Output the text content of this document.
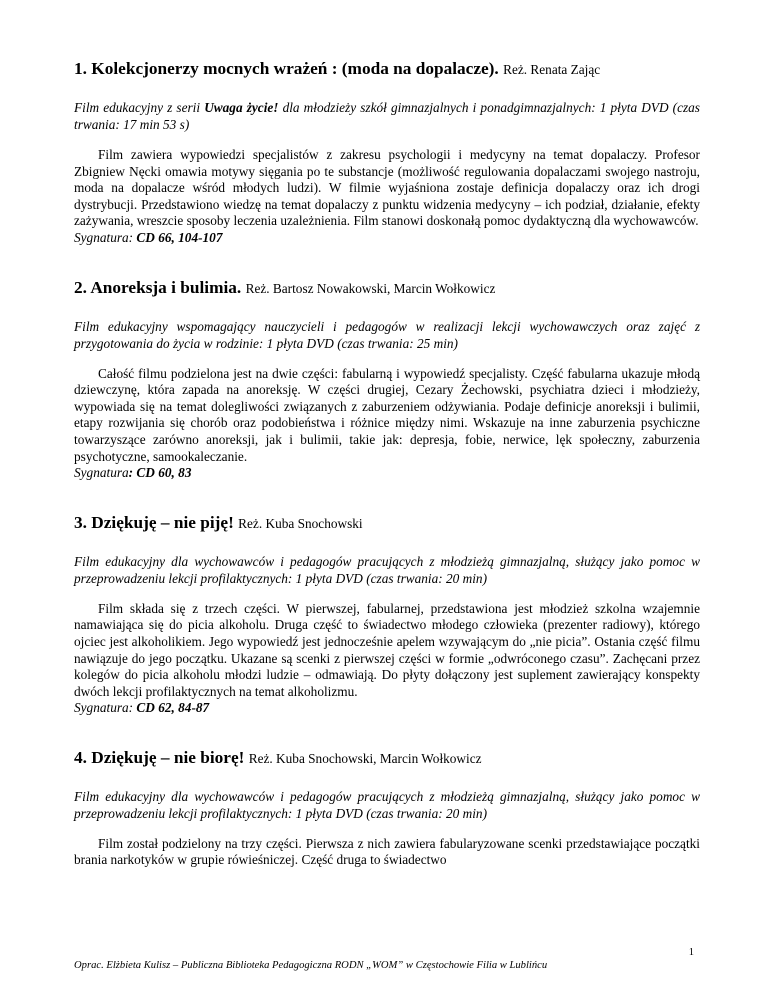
1. Kolekcjonerzy mocnych wrażeń : (moda na dopalacze). Reż. Renata Zając

Film edukacyjny z serii Uwaga życie! dla młodzieży szkół gimnazjalnych i ponadgimnazjalnych: 1 płyta DVD (czas trwania: 17 min 53 s)

Film zawiera wypowiedzi specjalistów z zakresu psychologii i medycyny na temat dopalaczy. Profesor Zbigniew Nęcki omawia motywy sięgania po te substancje (możliwość regulowania dopalaczami swojego nastroju, moda na dopalacze wśród młodych ludzi). W filmie wyjaśniona zostaje definicja dopalaczy oraz ich drogi dystrybucji. Przedstawiono wiedzę na temat dopalaczy z punktu widzenia medycyny – ich podział, działanie, efekty zażywania, wreszcie sposoby leczenia uzależnienia. Film stanowi doskonałą pomoc dydaktyczną dla wychowawców.

Sygnatura: CD 66, 104-107

2. Anoreksja i bulimia. Reż. Bartosz Nowakowski, Marcin Wołkowicz

Film edukacyjny wspomagający nauczycieli i pedagogów w realizacji lekcji wychowawczych oraz zajęć z przygotowania do życia w rodzinie: 1 płyta DVD (czas trwania: 25 min)

Całość filmu podzielona jest na dwie części: fabularną i wypowiedź specjalisty. Część fabularna ukazuje młodą dziewczynę, która zapada na anoreksję. W części drugiej, Cezary Żechowski, psychiatra dzieci i młodzieży, wypowiada się na temat dolegliwości związanych z zaburzeniem odżywiania. Podaje definicje anoreksji i bulimii, etapy rozwijania się chorób oraz podobieństwa i różnice między nimi. Wskazuje na inne zaburzenia psychiczne towarzyszące zarówno anoreksji, jak i bulimii, takie jak: depresja, fobie, nerwice, lęk społeczny, zaburzenia psychotyczne, samookaleczanie.

Sygnatura: CD 60, 83

3. Dziękuję – nie piję! Reż. Kuba Snochowski

Film edukacyjny dla wychowawców i pedagogów pracujących z młodzieżą gimnazjalną, służący jako pomoc w przeprowadzeniu lekcji profilaktycznych: 1 płyta DVD (czas trwania: 20 min)

Film składa się z trzech części. W pierwszej, fabularnej, przedstawiona jest młodzież szkolna wzajemnie namawiająca się do picia alkoholu. Druga część to świadectwo młodego człowieka (prezenter radiowy), którego ojciec jest alkoholikiem. Jego wypowiedź jest jednocześnie apelem wzywającym do „nie picia”. Ostania część filmu nawiązuje do jego początku. Ukazane są scenki z pierwszej części w formie „odwróconego czasu”. Zachęcani przez kolegów do picia alkoholu młodzi ludzie – odmawiają. Do płyty dołączony jest suplement zawierający konspekty dwóch lekcji profilaktycznych na temat alkoholizmu.

Sygnatura: CD 62, 84-87

4. Dziękuję – nie biorę! Reż. Kuba Snochowski, Marcin Wołkowicz

Film edukacyjny dla wychowawców i pedagogów pracujących z młodzieżą gimnazjalną, służący jako pomoc w przeprowadzeniu lekcji profilaktycznych: 1 płyta DVD (czas trwania: 20 min)

Film został podzielony na trzy części. Pierwsza z nich zawiera fabularyzowane scenki przedstawiające początki brania narkotyków w grupie rówieśniczej. Część druga to świadectwo

1
Oprac. Elżbieta Kulisz – Publiczna Biblioteka Pedagogiczna RODN „WOM” w Częstochowie Filia w Lublińcu
